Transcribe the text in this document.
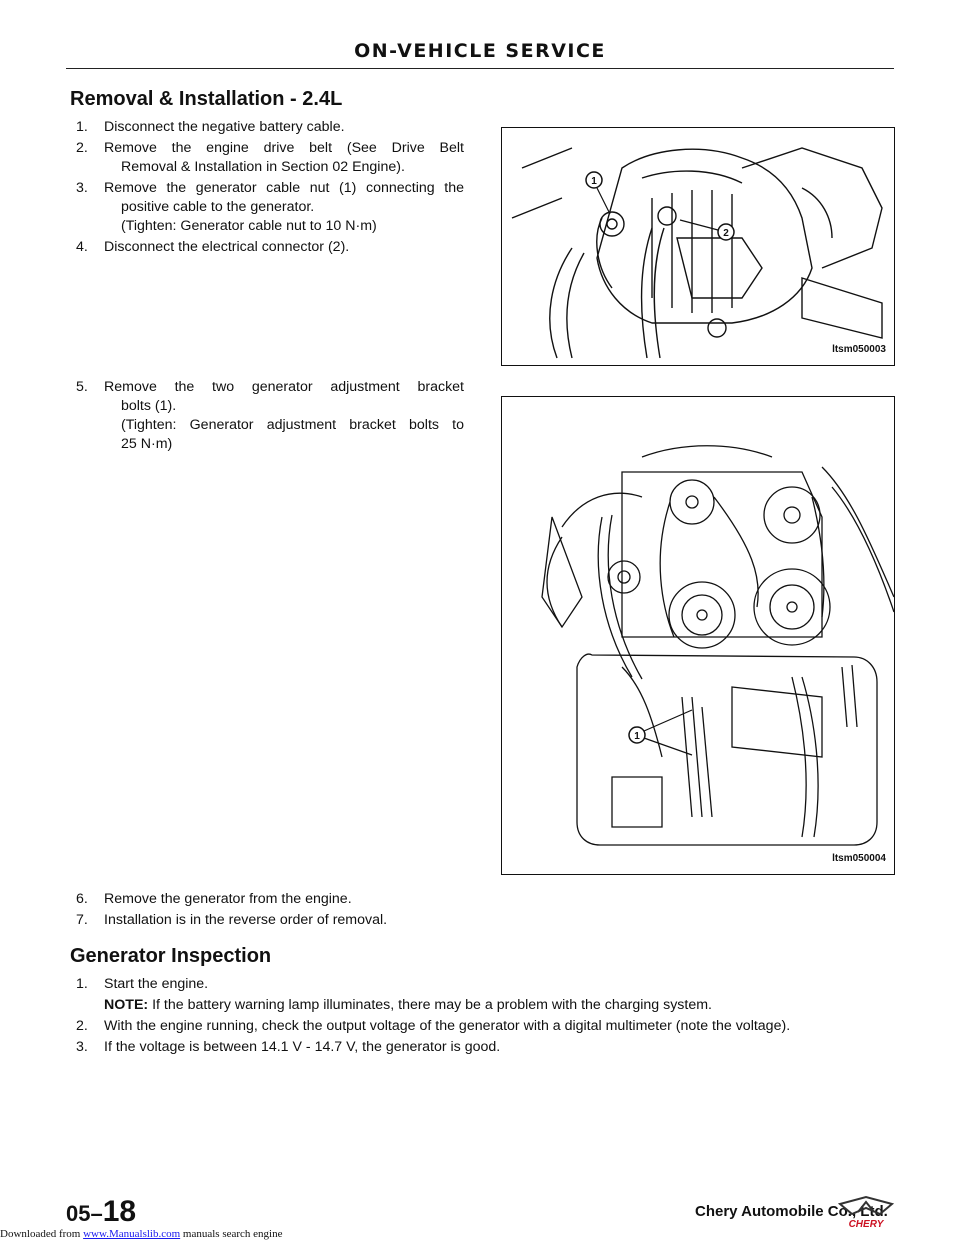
ON-VEHICLE SERVICE
Removal & Installation - 2.4L
1. Disconnect the negative battery cable.
2. Remove the engine drive belt (See Drive Belt
Removal & Installation in Section 02 Engine).
3. Remove the generator cable nut (1) connecting the
positive cable to the generator.
(Tighten: Generator cable nut to 10 N·m)
4. Disconnect the electrical connector (2).
5. Remove the two generator adjustment bracket
bolts (1).
(Tighten: Generator adjustment bracket bolts to
25 N·m)
6. Remove the generator from the engine.
7. Installation is in the reverse order of removal.
1
2
ltsm050003
1
ltsm050004
Generator Inspection
1. Start the engine.
NOTE: If the battery warning lamp illuminates, there may be a problem with the charging system.
2. With the engine running, check the output voltage of the generator with a digital multimeter (note the voltage).
3. If the voltage is between 14.1 V - 14.7 V, the generator is good.
05–18	Chery Automobile Co., Ltd.
CHERY
Downloaded from www.Manualslib.com manuals search engine
